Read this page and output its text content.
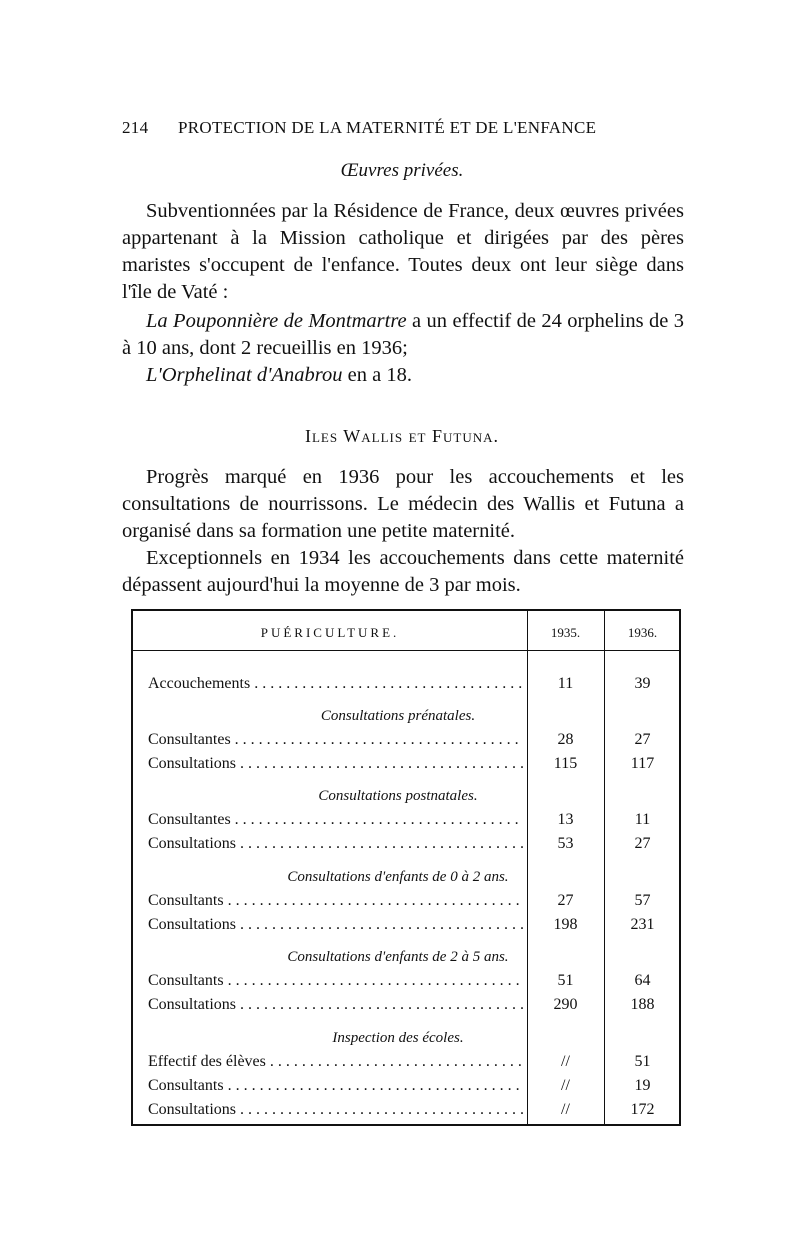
214 PROTECTION DE LA MATERNITÉ ET DE L'ENFANCE
Œuvres privées.

Subventionnées par la Résidence de France, deux œuvres privées appartenant à la Mission catholique et dirigées par des pères maristes s'occupent de l'enfance. Toutes deux ont leur siège dans l'île de Vaté :

La Pouponnière de Montmartre a un effectif de 24 orphelins de 3 à 10 ans, dont 2 recueillis en 1936;

L'Orphelinat d'Anabrou en a 18.

Iles Wallis et Futuna.

Progrès marqué en 1936 pour les accouchements et les consultations de nourrissons. Le médecin des Wallis et Futuna a organisé dans sa formation une petite maternité.

Exceptionnels en 1934 les accouchements dans cette maternité dépassent aujourd'hui la moyenne de 3 par mois.

PUÉRICULTURE.	1935.	1936.
Accouchements . . .	11	39
Consultations prénatales.
Consultantes . . .	28	27
Consultations . . .	115	117
Consultations postnatales.
Consultantes . . .	13	11
Consultations . . .	53	27
Consultations d'enfants de 0 à 2 ans.
Consultants . . .	27	57
Consultations . . .	198	231
Consultations d'enfants de 2 à 5 ans.
Consultants . . .	51	64
Consultations . . .	290	188
Inspection des écoles.
Effectif des élèves . . .	//	51
Consultants . . .	//	19
Consultations . . .	//	172
